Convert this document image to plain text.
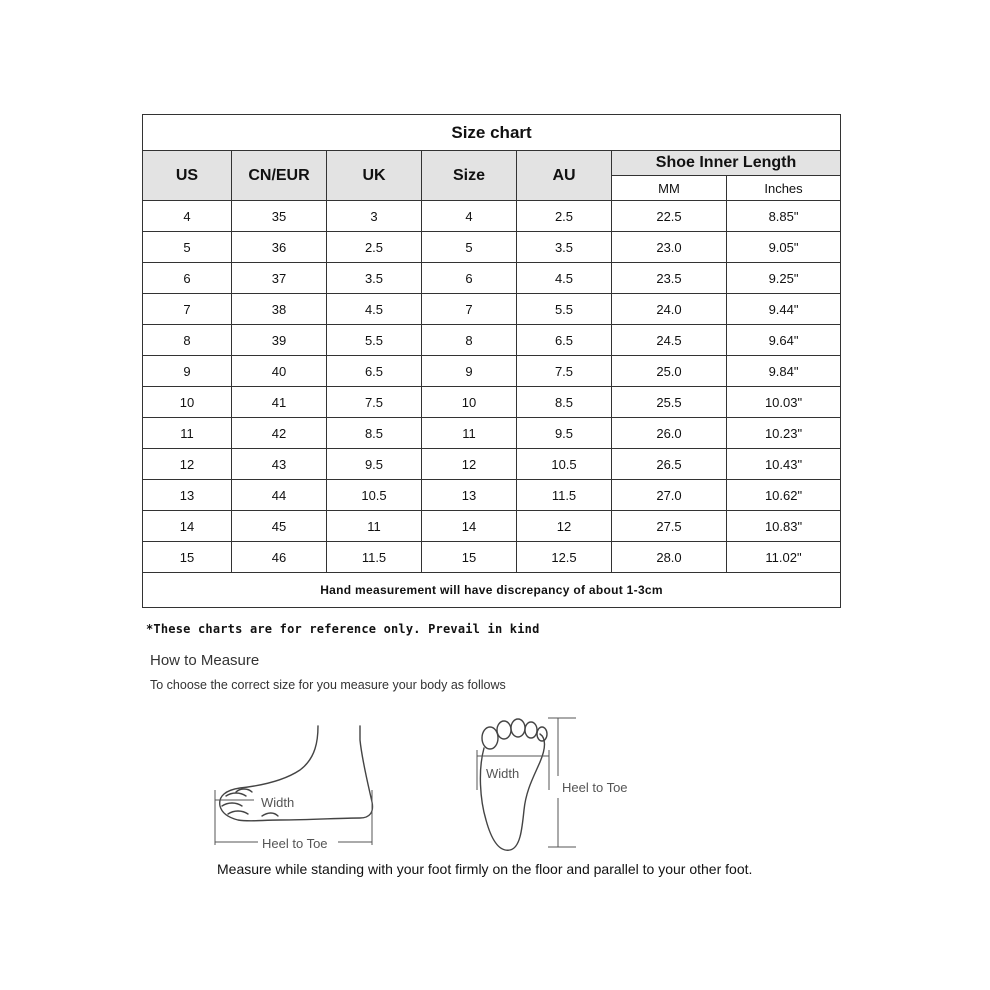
Size chart						
US	CN/EUR	UK	Size	AU	Shoe Inner Length	
					MM	Inches
4	35	3	4	2.5	22.5	8.85"
5	36	2.5	5	3.5	23.0	9.05"
6	37	3.5	6	4.5	23.5	9.25"
7	38	4.5	7	5.5	24.0	9.44"
8	39	5.5	8	6.5	24.5	9.64"
9	40	6.5	9	7.5	25.0	9.84"
10	41	7.5	10	8.5	25.5	10.03"
11	42	8.5	11	9.5	26.0	10.23"
12	43	9.5	12	10.5	26.5	10.43"
13	44	10.5	13	11.5	27.0	10.62"
14	45	11	14	12	27.5	10.83"
15	46	11.5	15	12.5	28.0	11.02"
Hand measurement will have discrepancy of about 1-3cm						

*These charts are for reference only. Prevail in kind

How to Measure

To choose the correct size for you measure your body as follows

Width
Heel to Toe
Width
Heel to Toe

Measure while standing with your foot firmly on the floor and parallel to your other foot.
